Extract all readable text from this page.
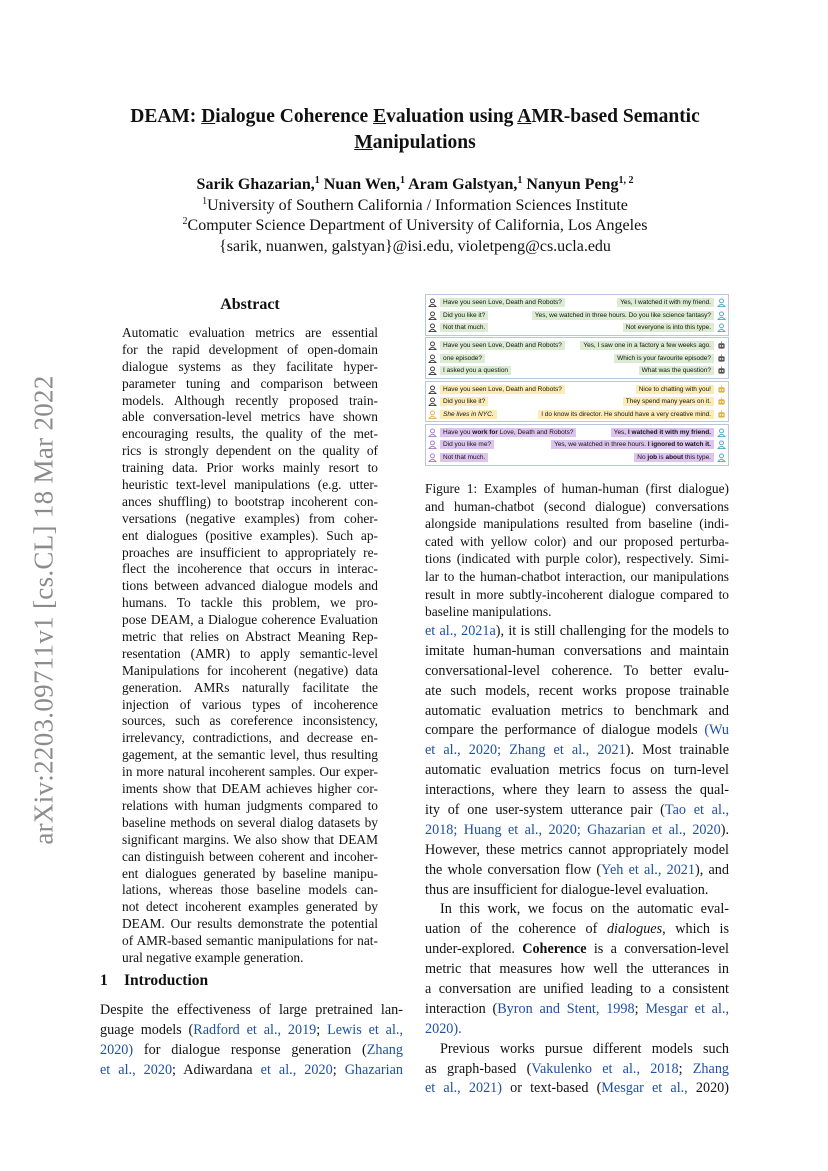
arXiv:2203.09711v1 [cs.CL] 18 Mar 2022
DEAM: Dialogue Coherence Evaluation using AMR-based Semantic
Manipulations
Sarik Ghazarian,$^1$ Nuan Wen,$^1$ Aram Galstyan,$^1$ Nanyun Peng$^{1, 2}$
$^1$University of Southern California / Information Sciences Institute
$^2$Computer Science Department of University of California, Los Angeles
{sarik, nuanwen, galstyan}@isi.edu, violetpeng@cs.ucla.edu
Abstract
Automatic evaluation metrics are essential
for the rapid development of open-domain
dialogue systems as they facilitate hyper-
parameter tuning and comparison between
models. Although recently proposed train-
able conversation-level metrics have shown
encouraging results, the quality of the met-
rics is strongly dependent on the quality of
training data. Prior works mainly resort to
heuristic text-level manipulations (e.g. utter-
ances shuffling) to bootstrap incoherent con-
versations (negative examples) from coher-
ent dialogues (positive examples). Such ap-
proaches are insufficient to appropriately re-
flect the incoherence that occurs in interac-
tions between advanced dialogue models and
humans. To tackle this problem, we pro-
pose DEAM, a Dialogue coherence Evaluation
metric that relies on Abstract Meaning Rep-
resentation (AMR) to apply semantic-level
Manipulations for incoherent (negative) data
generation. AMRs naturally facilitate the
injection of various types of incoherence
sources, such as coreference inconsistency,
irrelevancy, contradictions, and decrease en-
gagement, at the semantic level, thus resulting
in more natural incoherent samples. Our exper-
iments show that DEAM achieves higher cor-
relations with human judgments compared to
baseline methods on several dialog datasets by
significant margins. We also show that DEAM
can distinguish between coherent and incoher-
ent dialogues generated by baseline manipu-
lations, whereas those baseline models can-
not detect incoherent examples generated by
DEAM. Our results demonstrate the potential
of AMR-based semantic manipulations for nat-
ural negative example generation.
1 Introduction
Despite the effectiveness of large pretrained lan-
guage models (Radford et al., 2019; Lewis et al.,
2020) for dialogue response generation (Zhang
et al., 2020; Adiwardana et al., 2020; Ghazarian
Have you seen Love, Death and Robots?	Yes, I watched it with my friend.
Did you like it?	Yes, we watched in three hours. Do you like science fantasy?
Not that much.	Not everyone is into this type.
Have you seen Love, Death and Robots?	Yes, I saw one in a factory a few weeks ago.
one episode?	Which is your favourite episode?
I asked you a question	What was the question?
Have you seen Love, Death and Robots?	Nice to chatting with you!
Did you like it?	They spend many years on it.
She lives in NYC.	I do know its director. He should have a very creative mind.
Have you work for Love, Death and Robots?	Yes, I watched it with my friend.
Did you like me?	Yes, we watched in three hours. I ignored to watch it.
Not that much.	No job is about this type.
Figure 1: Examples of human-human (first dialogue)
and human-chatbot (second dialogue) conversations
alongside manipulations resulted from baseline (indi-
cated with yellow color) and our proposed perturba-
tions (indicated with purple color), respectively. Simi-
lar to the human-chatbot interaction, our manipulations
result in more subtly-incoherent dialogue compared to
baseline manipulations.
et al., 2021a), it is still challenging for the models to
imitate human-human conversations and maintain
conversational-level coherence. To better evalu-
ate such models, recent works propose trainable
automatic evaluation metrics to benchmark and
compare the performance of dialogue models (Wu
et al., 2020; Zhang et al., 2021). Most trainable
automatic evaluation metrics focus on turn-level
interactions, where they learn to assess the qual-
ity of one user-system utterance pair (Tao et al.,
2018; Huang et al., 2020; Ghazarian et al., 2020).
However, these metrics cannot appropriately model
the whole conversation flow (Yeh et al., 2021), and
thus are insufficient for dialogue-level evaluation.
In this work, we focus on the automatic eval-
uation of the coherence of dialogues, which is
under-explored. Coherence is a conversation-level
metric that measures how well the utterances in
a conversation are unified leading to a consistent
interaction (Byron and Stent, 1998; Mesgar et al.,
2020).
Previous works pursue different models such
as graph-based (Vakulenko et al., 2018; Zhang
et al., 2021) or text-based (Mesgar et al., 2020)
